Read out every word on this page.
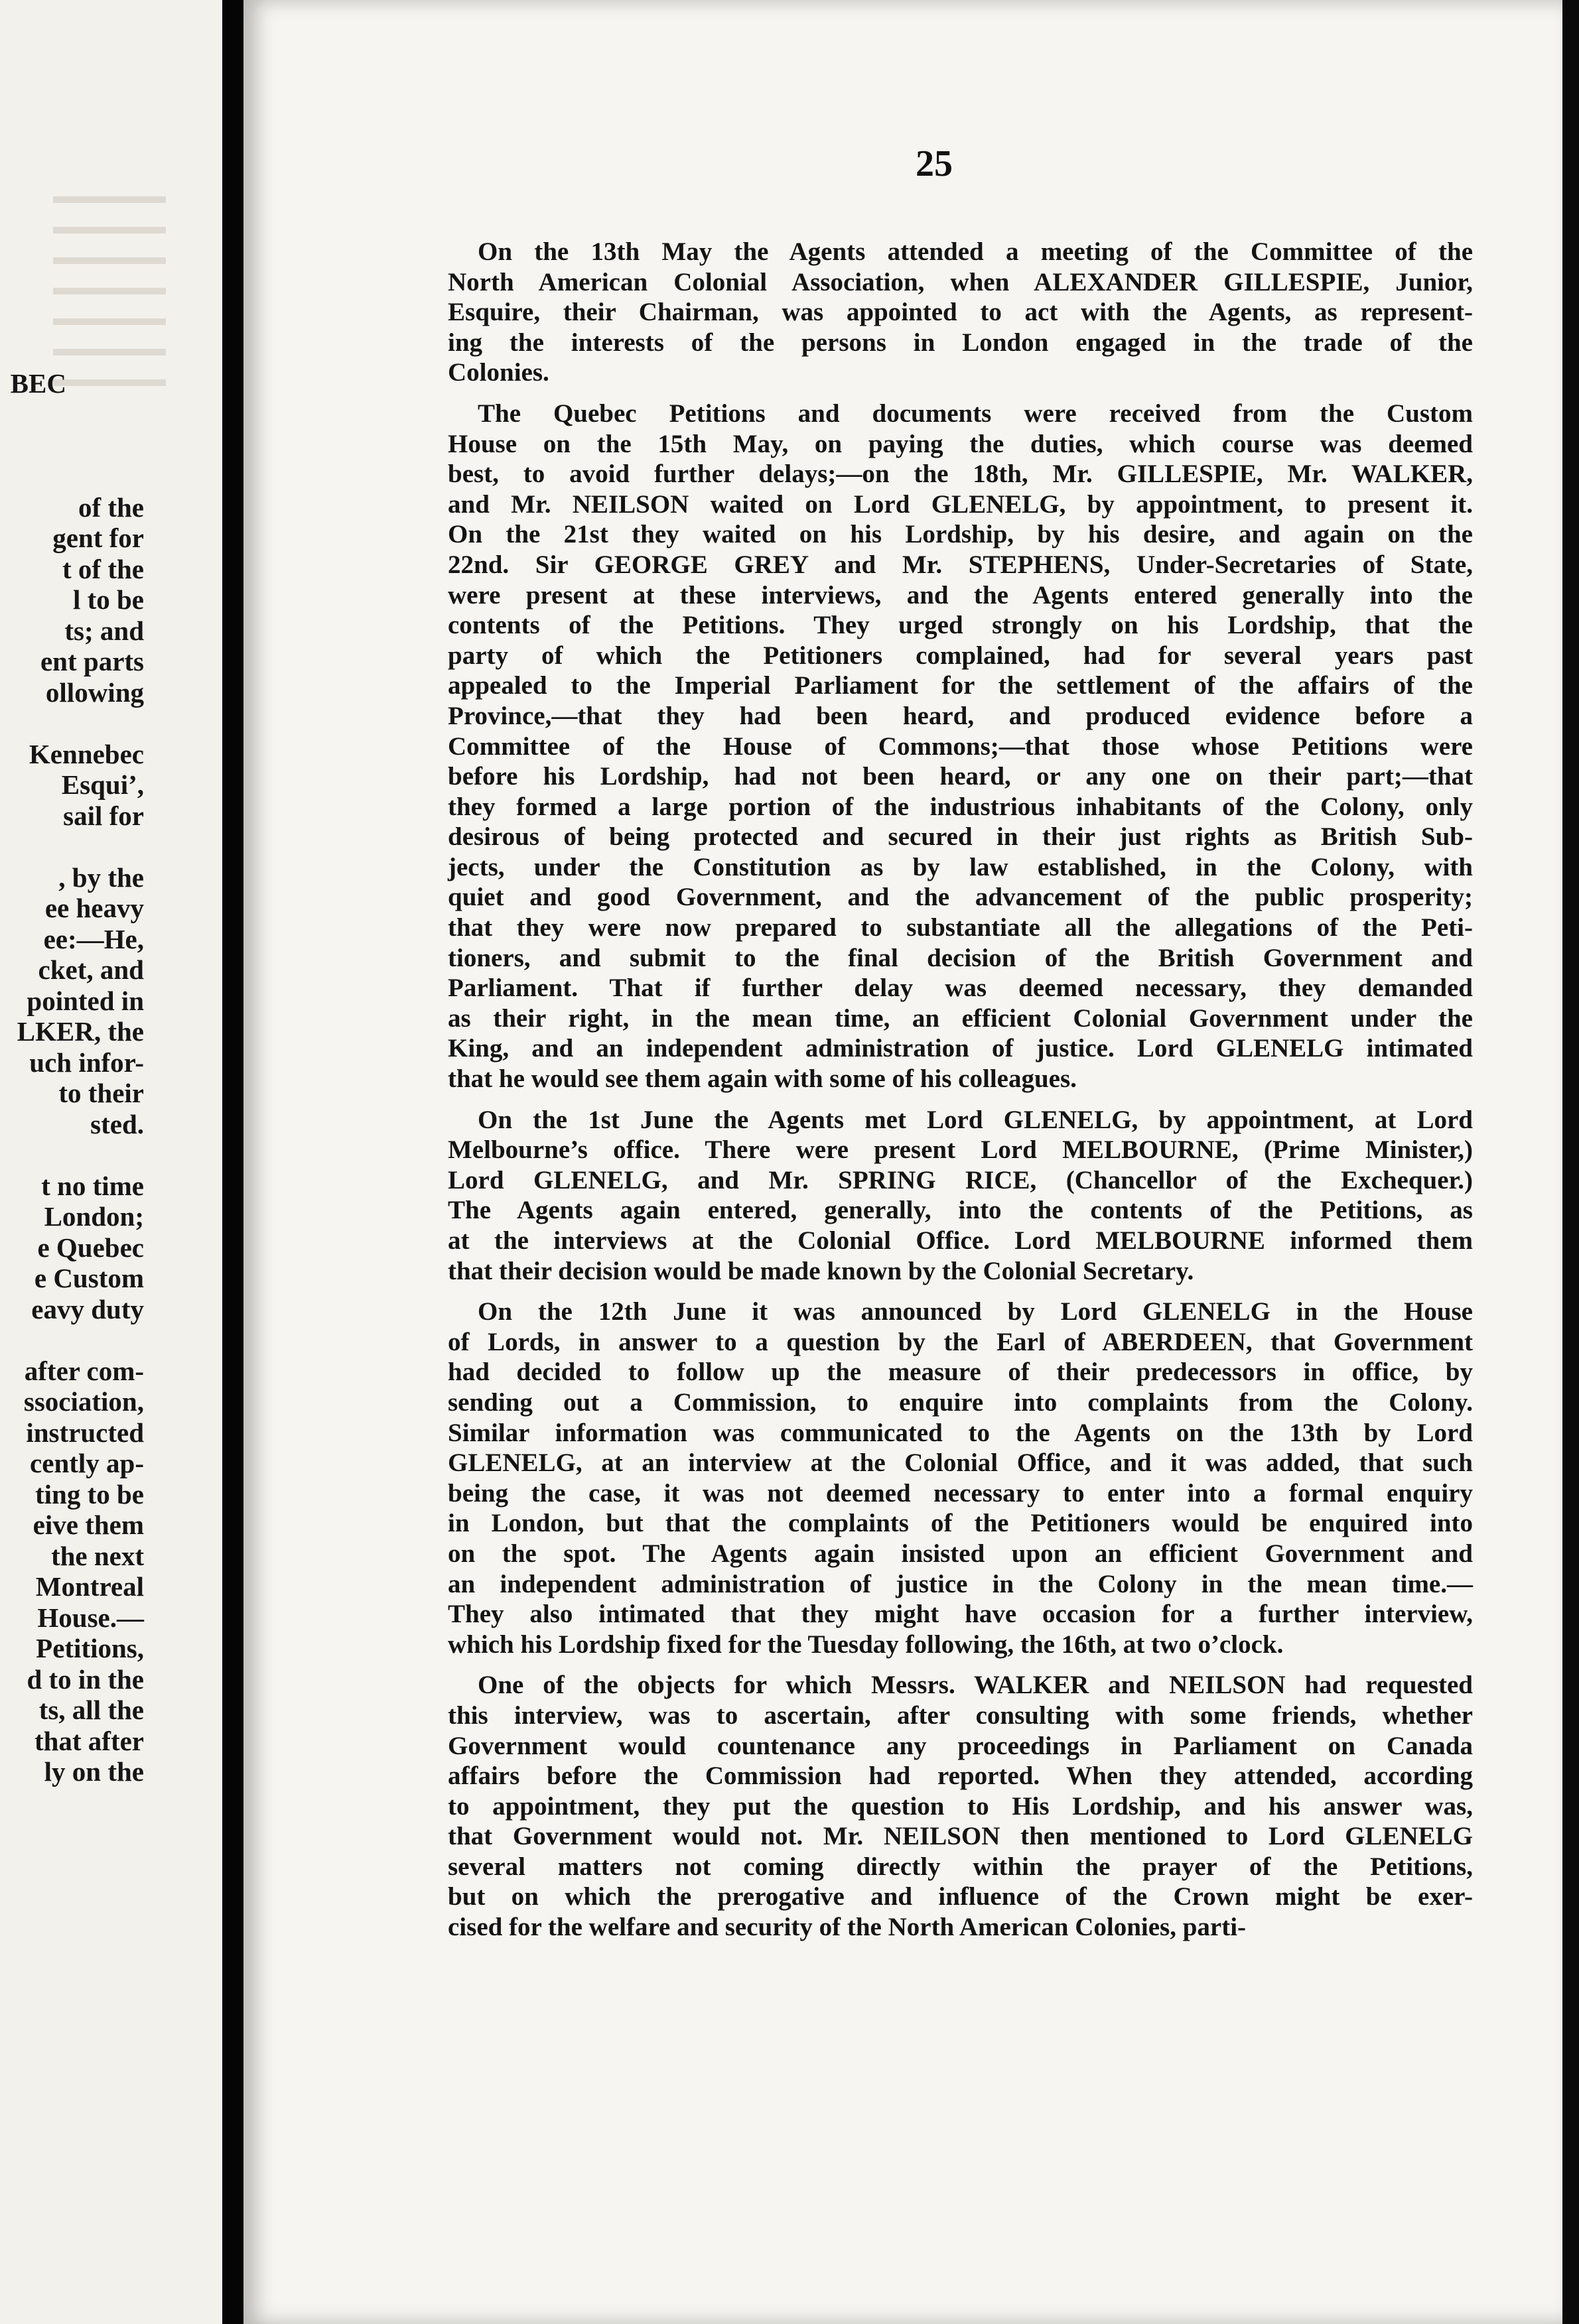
BEC

of the
gent for
t of the
l to be
ts; and
ent parts
ollowing

Kennebec
Esqui’,
sail for

, by the
ee heavy
ee:—He,
cket, and
pointed in
LKER, the
uch infor-
to their
sted.

t no time
London;
e Quebec
e Custom
eavy duty

after com-
ssociation,
instructed
cently ap-
ting to be
eive them
the next
Montreal
House.—
Petitions,
d to in the
ts, all the
that after
ly on the
25
On the 13th May the Agents attended a meeting of the Committee of the
North American Colonial Association, when ALEXANDER GILLESPIE, Junior,
Esquire, their Chairman, was appointed to act with the Agents, as represent-
ing the interests of the persons in London engaged in the trade of the
Colonies.
The Quebec Petitions and documents were received from the Custom
House on the 15th May, on paying the duties, which course was deemed
best, to avoid further delays;—on the 18th, Mr. GILLESPIE, Mr. WALKER,
and Mr. NEILSON waited on Lord GLENELG, by appointment, to present it.
On the 21st they waited on his Lordship, by his desire, and again on the
22nd. Sir GEORGE GREY and Mr. STEPHENS, Under-Secretaries of State,
were present at these interviews, and the Agents entered generally into the
contents of the Petitions. They urged strongly on his Lordship, that the
party of which the Petitioners complained, had for several years past
appealed to the Imperial Parliament for the settlement of the affairs of the
Province,—that they had been heard, and produced evidence before a
Committee of the House of Commons;—that those whose Petitions were
before his Lordship, had not been heard, or any one on their part;—that
they formed a large portion of the industrious inhabitants of the Colony, only
desirous of being protected and secured in their just rights as British Sub-
jects, under the Constitution as by law established, in the Colony, with
quiet and good Government, and the advancement of the public prosperity;
that they were now prepared to substantiate all the allegations of the Peti-
tioners, and submit to the final decision of the British Government and
Parliament. That if further delay was deemed necessary, they demanded
as their right, in the mean time, an efficient Colonial Government under the
King, and an independent administration of justice. Lord GLENELG intimated
that he would see them again with some of his colleagues.
On the 1st June the Agents met Lord GLENELG, by appointment, at Lord
Melbourne’s office. There were present Lord MELBOURNE, (Prime Minister,)
Lord GLENELG, and Mr. SPRING RICE, (Chancellor of the Exchequer.)
The Agents again entered, generally, into the contents of the Petitions, as
at the interviews at the Colonial Office. Lord MELBOURNE informed them
that their decision would be made known by the Colonial Secretary.
On the 12th June it was announced by Lord GLENELG in the House
of Lords, in answer to a question by the Earl of ABERDEEN, that Government
had decided to follow up the measure of their predecessors in office, by
sending out a Commission, to enquire into complaints from the Colony.
Similar information was communicated to the Agents on the 13th by Lord
GLENELG, at an interview at the Colonial Office, and it was added, that such
being the case, it was not deemed necessary to enter into a formal enquiry
in London, but that the complaints of the Petitioners would be enquired into
on the spot. The Agents again insisted upon an efficient Government and
an independent administration of justice in the Colony in the mean time.—
They also intimated that they might have occasion for a further interview,
which his Lordship fixed for the Tuesday following, the 16th, at two o’clock.
One of the objects for which Messrs. WALKER and NEILSON had requested
this interview, was to ascertain, after consulting with some friends, whether
Government would countenance any proceedings in Parliament on Canada
affairs before the Commission had reported. When they attended, according
to appointment, they put the question to His Lordship, and his answer was,
that Government would not. Mr. NEILSON then mentioned to Lord GLENELG
several matters not coming directly within the prayer of the Petitions,
but on which the prerogative and influence of the Crown might be exer-
cised for the welfare and security of the North American Colonies, parti-
